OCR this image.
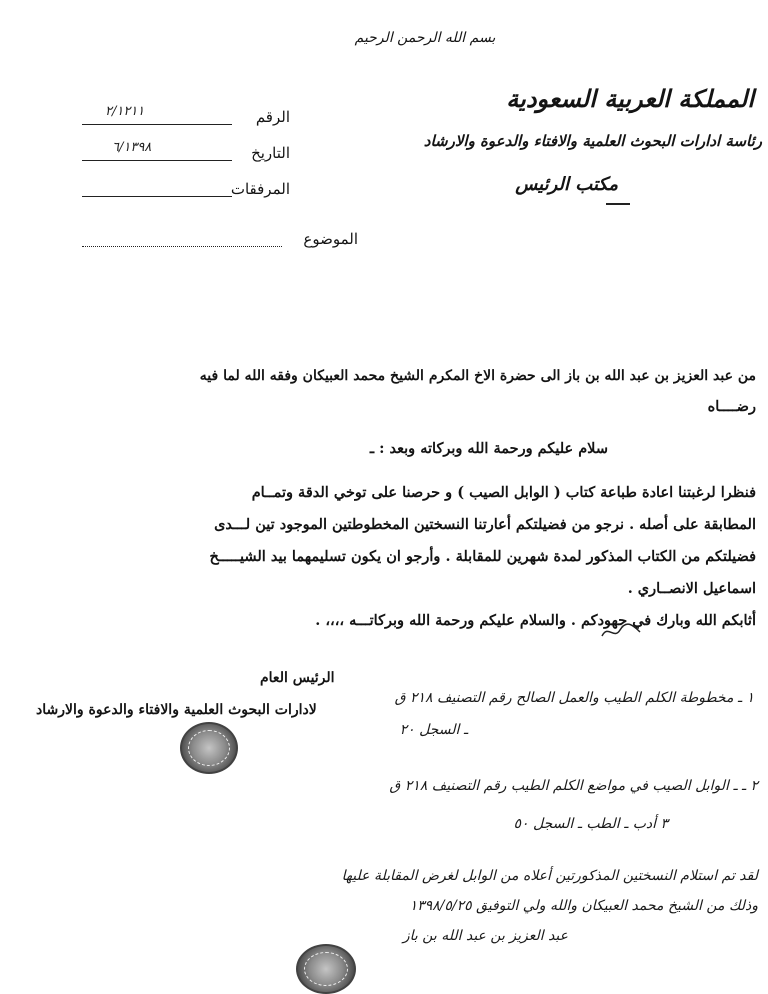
بسم الله الرحمن الرحيم
المملكة العربية السعودية
رئاسة ادارات البحوث العلمية والافتاء والدعوة والارشاد
مكتب الرئيس
الرقم
٢/١٢١١
التاريخ
٦/١٣٩٨
المرفقات
الموضوع
من عبد العزيز بن عبد الله بن باز الى حضرة الاخ المكرم الشيخ محمد العبيكان وفقه الله لما فيه
رضــــاه
سلام عليكم ورحمة الله وبركاته وبعد : ـ
فنظرا لرغبتنا اعادة طباعة كتاب ( الوابل الصيب ) و حرصنا على توخي الدقة وتمــام
المطابقة على أصله . نرجو من فضيلتكم أعارتنا النسختين المخطوطتين الموجود تين لـــدى
فضيلتكم من الكتاب المذكور لمدة شهرين للمقابلة . وأرجو ان يكون تسليمهما بيد الشيـــــخ
اسماعيل الانصــاري .
أثابكم الله وبارك في جهودكم . والسلام عليكم ورحمة الله وبركاتـــه ،،،، .
الرئيس العام
لادارات البحوث العلمية والافتاء والدعوة والارشاد
١ ـ مخطوطة الكلم الطيب والعمل الصالح رقم التصنيف ٢١٨ ق
ـ السجل ٢٠
٢ ـ ـ الوابل الصيب في مواضع الكلم الطيب رقم التصنيف ٢١٨ ق
٣ أدب ـ الطب ـ السجل ٥٠
لقد تم استلام النسختين المذكورتين أعلاه من الوابل لغرض المقابلة عليها
وذلك من الشيخ محمد العبيكان والله ولي التوفيق ١٣٩٨/٥/٢٥
عبد العزيز بن عبد الله بن باز
